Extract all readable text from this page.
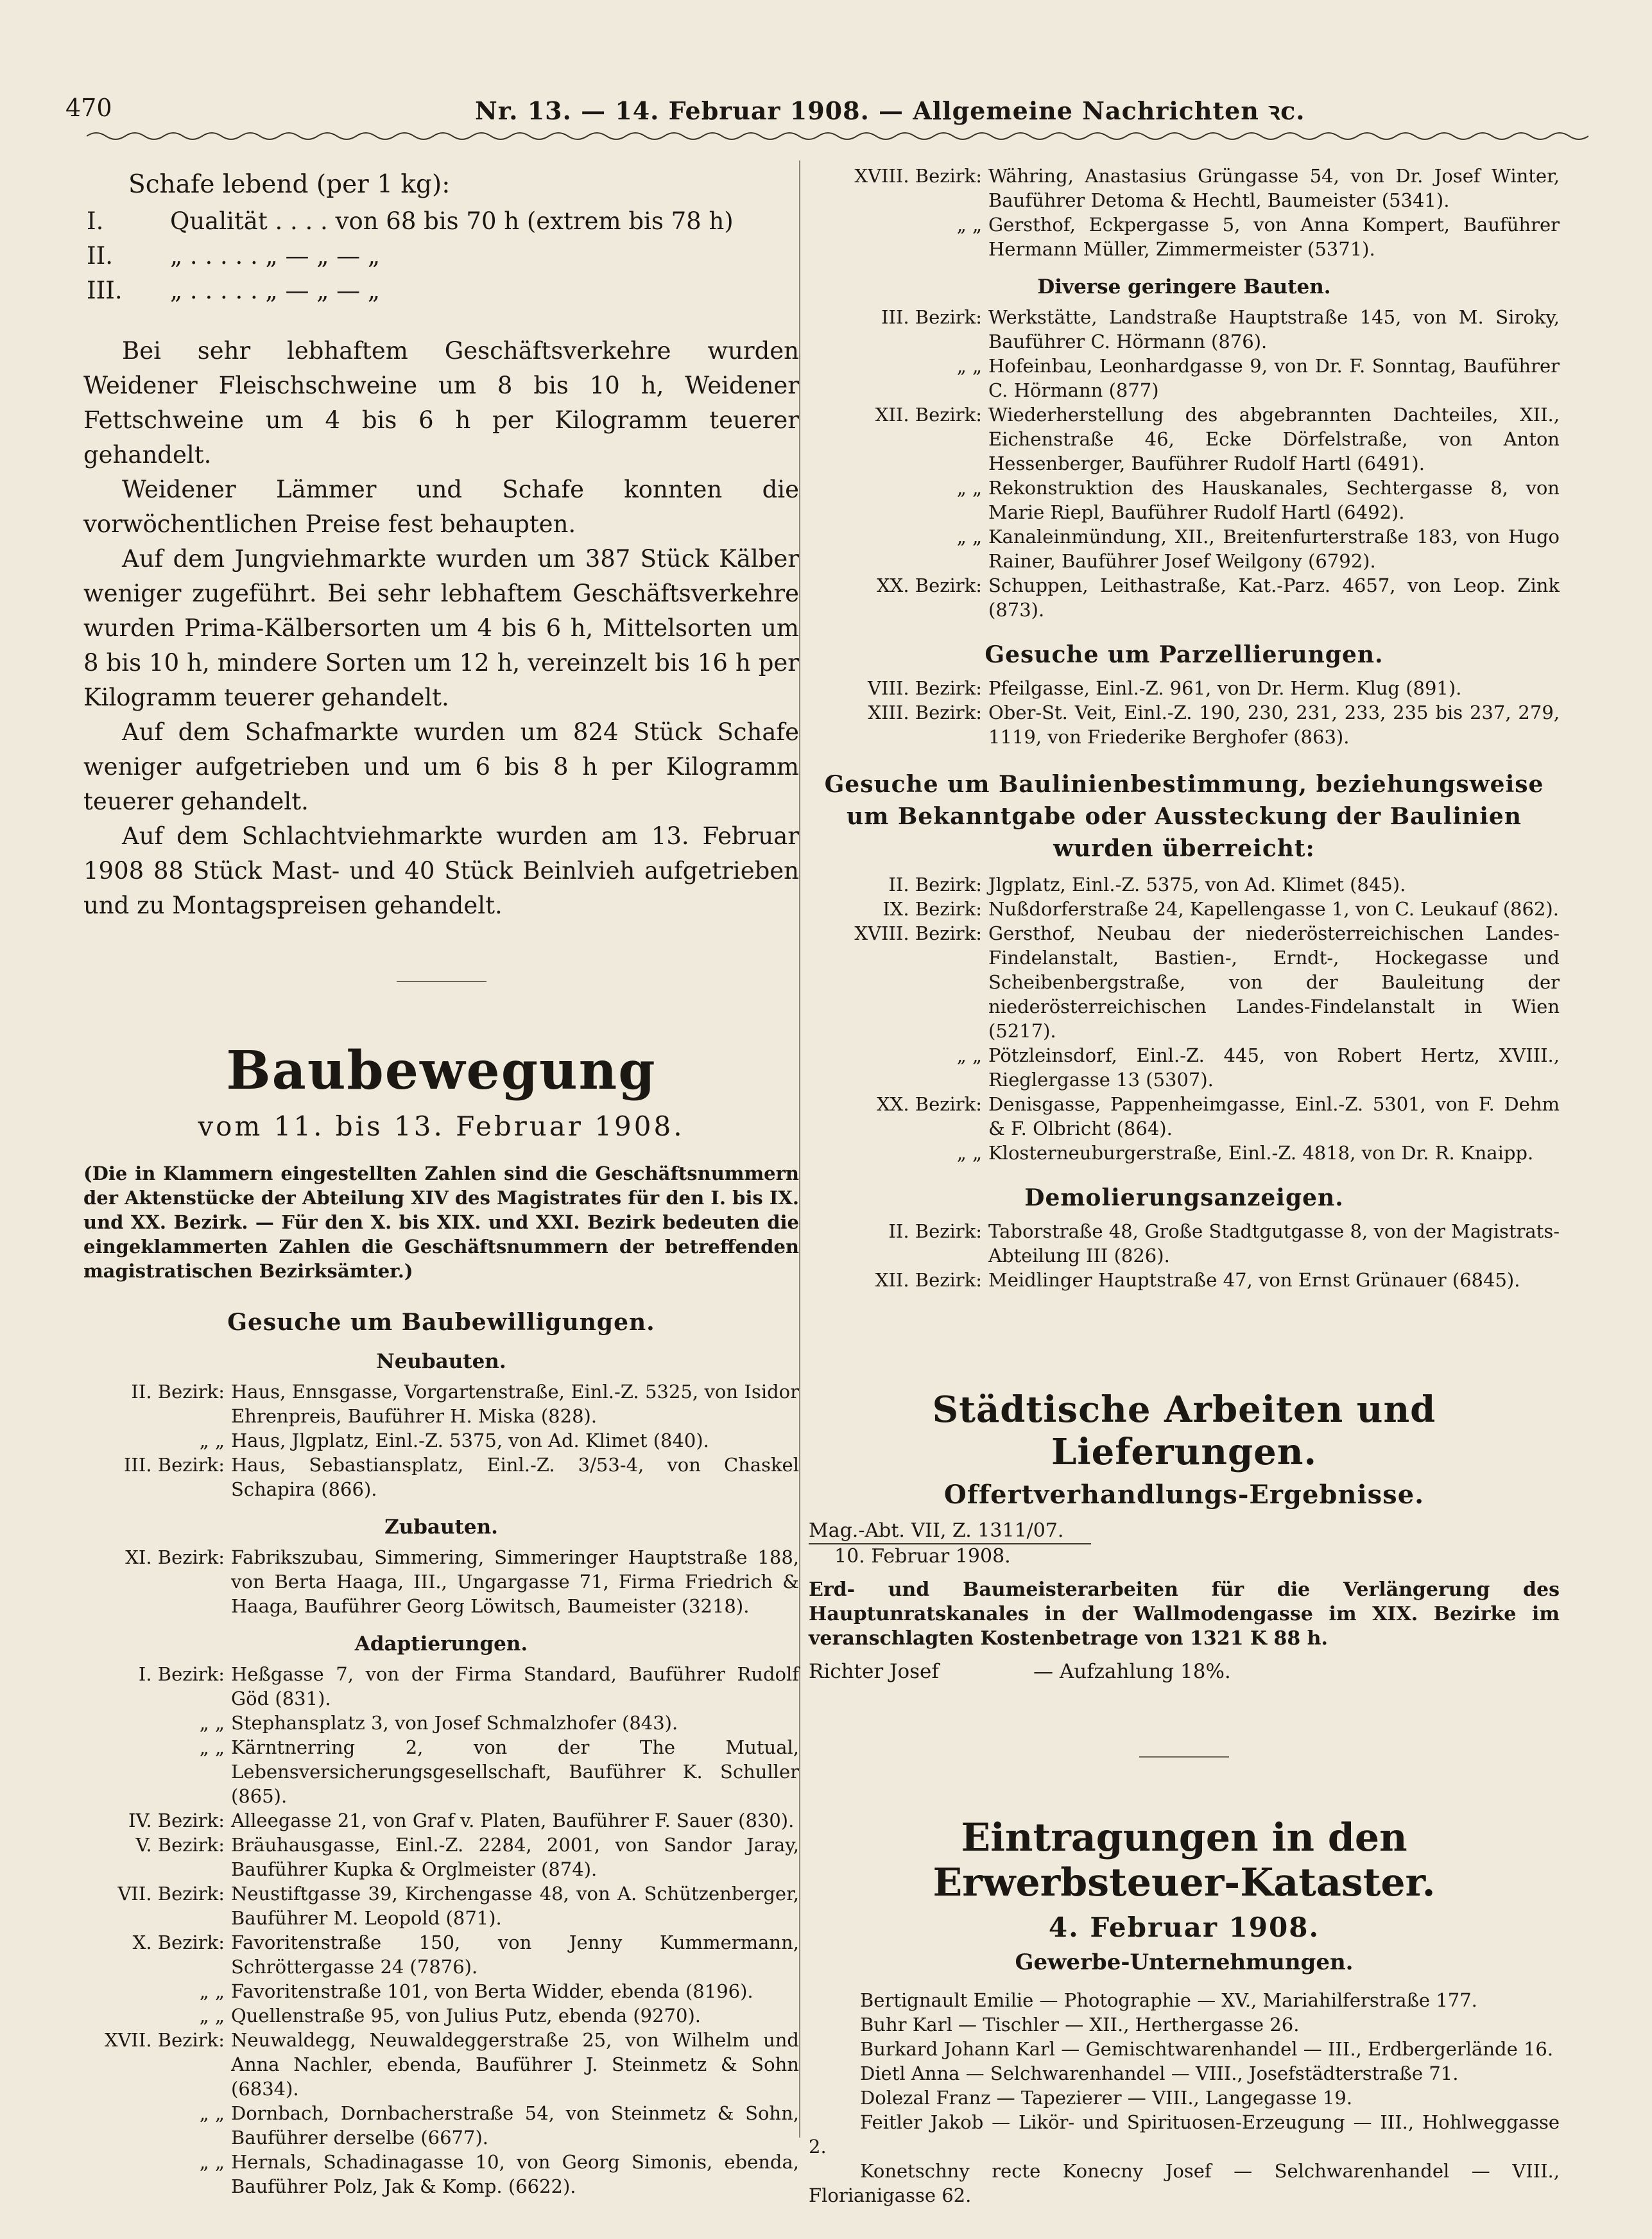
470	Nr. 13. — 14. Februar 1908. — Allgemeine Nachrichten ꝛc.
Schafe lebend (per 1 kg):
I.	Qualität . . . . von 68 bis 70 h (extrem bis 78 h)
II.	„ . . . . . „ — „ — „
III.	„ . . . . . „ — „ — „
Bei sehr lebhaftem Geschäftsverkehre wurden Weidener Fleischschweine um 8 bis 10 h, Weidener Fettschweine um 4 bis 6 h per Kilogramm teuerer gehandelt.
Weidener Lämmer und Schafe konnten die vorwöchentlichen Preise fest behaupten.
Auf dem Jungviehmarkte wurden um 387 Stück Kälber weniger zugeführt. Bei sehr lebhaftem Geschäftsverkehre wurden Prima-Kälbersorten um 4 bis 6 h, Mittelsorten um 8 bis 10 h, mindere Sorten um 12 h, vereinzelt bis 16 h per Kilogramm teuerer gehandelt.
Auf dem Schafmarkte wurden um 824 Stück Schafe weniger aufgetrieben und um 6 bis 8 h per Kilogramm teuerer gehandelt.
Auf dem Schlachtviehmarkte wurden am 13. Februar 1908 88 Stück Mast- und 40 Stück Beinlvieh aufgetrieben und zu Montagspreisen gehandelt.
Baubewegung
vom 11. bis 13. Februar 1908.
(Die in Klammern eingestellten Zahlen sind die Geschäftsnummern der Aktenstücke der Abteilung XIV des Magistrates für den I. bis IX. und XX. Bezirk. — Für den X. bis XIX. und XXI. Bezirk bedeuten die eingeklammerten Zahlen die Geschäftsnummern der betreffenden magistratischen Bezirksämter.)
Gesuche um Baubewilligungen.
Neubauten.
II. Bezirk: Haus, Ennsgasse, Vorgartenstraße, Einl.-Z. 5325, von Isidor Ehrenpreis, Bauführer H. Miska (828).
„ „ Haus, Jlgplatz, Einl.-Z. 5375, von Ad. Klimet (840).
III. Bezirk: Haus, Sebastiansplatz, Einl.-Z. 3/53-4, von Chaskel Schapira (866).
Zubauten.
XI. Bezirk: Fabrikszubau, Simmering, Simmeringer Hauptstraße 188, von Berta Haaga, III., Ungargasse 71, Firma Friedrich & Haaga, Bauführer Georg Löwitsch, Baumeister (3218).
Adaptierungen.
I. Bezirk: Heßgasse 7, von der Firma Standard, Bauführer Rudolf Göd (831).
„ „ Stephansplatz 3, von Josef Schmalzhofer (843).
„ „ Kärntnerring 2, von der The Mutual, Lebensversicherungsgesellschaft, Bauführer K. Schuller (865).
IV. Bezirk: Alleegasse 21, von Graf v. Platen, Bauführer F. Sauer (830).
V. Bezirk: Bräuhausgasse, Einl.-Z. 2284, 2001, von Sandor Jaray, Bauführer Kupka & Orglmeister (874).
VII. Bezirk: Neustiftgasse 39, Kirchengasse 48, von A. Schützenberger, Bauführer M. Leopold (871).
X. Bezirk: Favoritenstraße 150, von Jenny Kummermann, Schröttergasse 24 (7876).
„ „ Favoritenstraße 101, von Berta Widder, ebenda (8196).
„ „ Quellenstraße 95, von Julius Putz, ebenda (9270).
XVII. Bezirk: Neuwaldegg, Neuwaldeggerstraße 25, von Wilhelm und Anna Nachler, ebenda, Bauführer J. Steinmetz & Sohn (6834).
„ „ Dornbach, Dornbacherstraße 54, von Steinmetz & Sohn, Bauführer derselbe (6677).
„ „ Hernals, Schadinagasse 10, von Georg Simonis, ebenda, Bauführer Polz, Jak & Komp. (6622).
XVIII. Bezirk: Währing, Anastasius Grüngasse 54, von Dr. Josef Winter, Bauführer Detoma & Hechtl, Baumeister (5341).
„ „ Gersthof, Eckpergasse 5, von Anna Kompert, Bauführer Hermann Müller, Zimmermeister (5371).
Diverse geringere Bauten.
III. Bezirk: Werkstätte, Landstraße Hauptstraße 145, von M. Siroky, Bauführer C. Hörmann (876).
„ „ Hofeinbau, Leonhardgasse 9, von Dr. F. Sonntag, Bauführer C. Hörmann (877)
XII. Bezirk: Wiederherstellung des abgebrannten Dachteiles, XII., Eichenstraße 46, Ecke Dörfelstraße, von Anton Hessenberger, Bauführer Rudolf Hartl (6491).
„ „ Rekonstruktion des Hauskanales, Sechtergasse 8, von Marie Riepl, Bauführer Rudolf Hartl (6492).
„ „ Kanaleinmündung, XII., Breitenfurterstraße 183, von Hugo Rainer, Bauführer Josef Weilgony (6792).
XX. Bezirk: Schuppen, Leithastraße, Kat.-Parz. 4657, von Leop. Zink (873).
Gesuche um Parzellierungen.
VIII. Bezirk: Pfeilgasse, Einl.-Z. 961, von Dr. Herm. Klug (891).
XIII. Bezirk: Ober-St. Veit, Einl.-Z. 190, 230, 231, 233, 235 bis 237, 279, 1119, von Friederike Berghofer (863).
Gesuche um Baulinienbestimmung, beziehungsweise um Bekanntgabe oder Aussteckung der Baulinien wurden überreicht:
II. Bezirk: Jlgplatz, Einl.-Z. 5375, von Ad. Klimet (845).
IX. Bezirk: Nußdorferstraße 24, Kapellengasse 1, von C. Leukauf (862).
XVIII. Bezirk: Gersthof, Neubau der niederösterreichischen Landes-Findelanstalt, Bastien-, Erndt-, Hockegasse und Scheibenbergstraße, von der Bauleitung der niederösterreichischen Landes-Findelanstalt in Wien (5217).
„ „ Pötzleinsdorf, Einl.-Z. 445, von Robert Hertz, XVIII., Rieglergasse 13 (5307).
XX. Bezirk: Denisgasse, Pappenheimgasse, Einl.-Z. 5301, von F. Dehm & F. Olbricht (864).
„ „ Klosterneuburgerstraße, Einl.-Z. 4818, von Dr. R. Knaipp.
Demolierungsanzeigen.
II. Bezirk: Taborstraße 48, Große Stadtgutgasse 8, von der Magistrats-Abteilung III (826).
XII. Bezirk: Meidlinger Hauptstraße 47, von Ernst Grünauer (6845).
Städtische Arbeiten und Lieferungen.
Offertverhandlungs-Ergebnisse.
Mag.-Abt. VII, Z. 1311/07.
10. Februar 1908.
Erd- und Baumeisterarbeiten für die Verlängerung des Hauptunratskanales in der Wallmodengasse im XIX. Bezirke im veranschlagten Kostenbetrage von 1321 K 88 h.
Richter Josef	— Aufzahlung 18%.
Eintragungen in den Erwerbsteuer-Kataster.
4. Februar 1908.
Gewerbe-Unternehmungen.

Bertignault Emilie — Photographie — XV., Mariahilferstraße 177.

Buhr Karl — Tischler — XII., Herthergasse 26.

Burkard Johann Karl — Gemischtwarenhandel — III., Erdbergerlände 16.

Dietl Anna — Selchwarenhandel — VIII., Josefstädterstraße 71.

Dolezal Franz — Tapezierer — VIII., Langegasse 19.

Feitler Jakob — Likör- und Spirituosen-Erzeugung — III., Hohlweggasse 2.

Konetschny recte Konecny Josef — Selchwarenhandel — VIII., Florianigasse 62.
